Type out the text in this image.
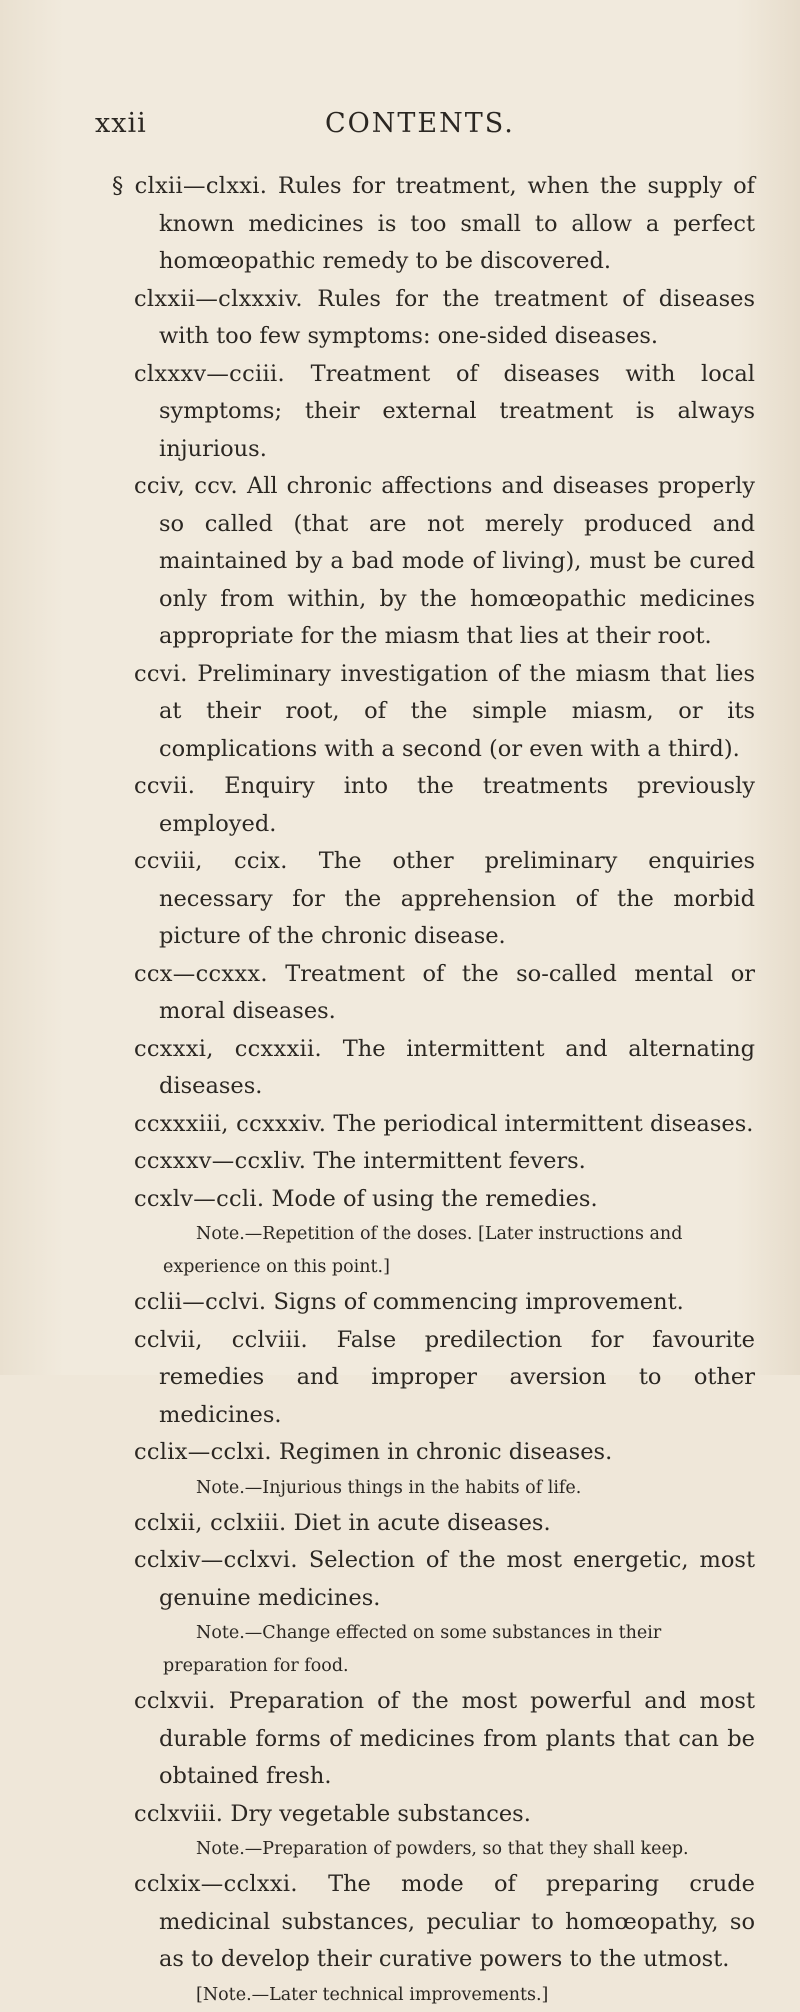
xxii	CONTENTS.
§ clxii—clxxi. Rules for treatment, when the supply of known medicines is too small to allow a perfect homœopathic remedy to be discovered.
clxxii—clxxxiv. Rules for the treatment of diseases with too few symptoms: one-sided diseases.
clxxxv—cciii. Treatment of diseases with local symptoms; their external treatment is always injurious.
cciv, ccv. All chronic affections and diseases properly so called (that are not merely produced and maintained by a bad mode of living), must be cured only from within, by the homœopathic medicines appropriate for the miasm that lies at their root.
ccvi. Preliminary investigation of the miasm that lies at their root, of the simple miasm, or its complications with a second (or even with a third).
ccvii. Enquiry into the treatments previously employed.
ccviii, ccix. The other preliminary enquiries necessary for the apprehension of the morbid picture of the chronic disease.
ccx—ccxxx. Treatment of the so-called mental or moral diseases.
ccxxxi, ccxxxii. The intermittent and alternating diseases.
ccxxxiii, ccxxxiv. The periodical intermittent diseases.
ccxxxv—ccxliv. The intermittent fevers.
ccxlv—ccli. Mode of using the remedies.
Note.—Repetition of the doses. [Later instructions and experience on this point.]
cclii—cclvi. Signs of commencing improvement.
cclvii, cclviii. False predilection for favourite remedies and improper aversion to other medicines.
cclix—cclxi. Regimen in chronic diseases.
Note.—Injurious things in the habits of life.
cclxii, cclxiii. Diet in acute diseases.
cclxiv—cclxvi. Selection of the most energetic, most genuine medicines.
Note.—Change effected on some substances in their preparation for food.
cclxvii. Preparation of the most powerful and most durable forms of medicines from plants that can be obtained fresh.
cclxviii. Dry vegetable substances.
Note.—Preparation of powders, so that they shall keep.
cclxix—cclxxi. The mode of preparing crude medicinal substances, peculiar to homœopathy, so as to develop their curative powers to the utmost.
[Note.—Later technical improvements.]
